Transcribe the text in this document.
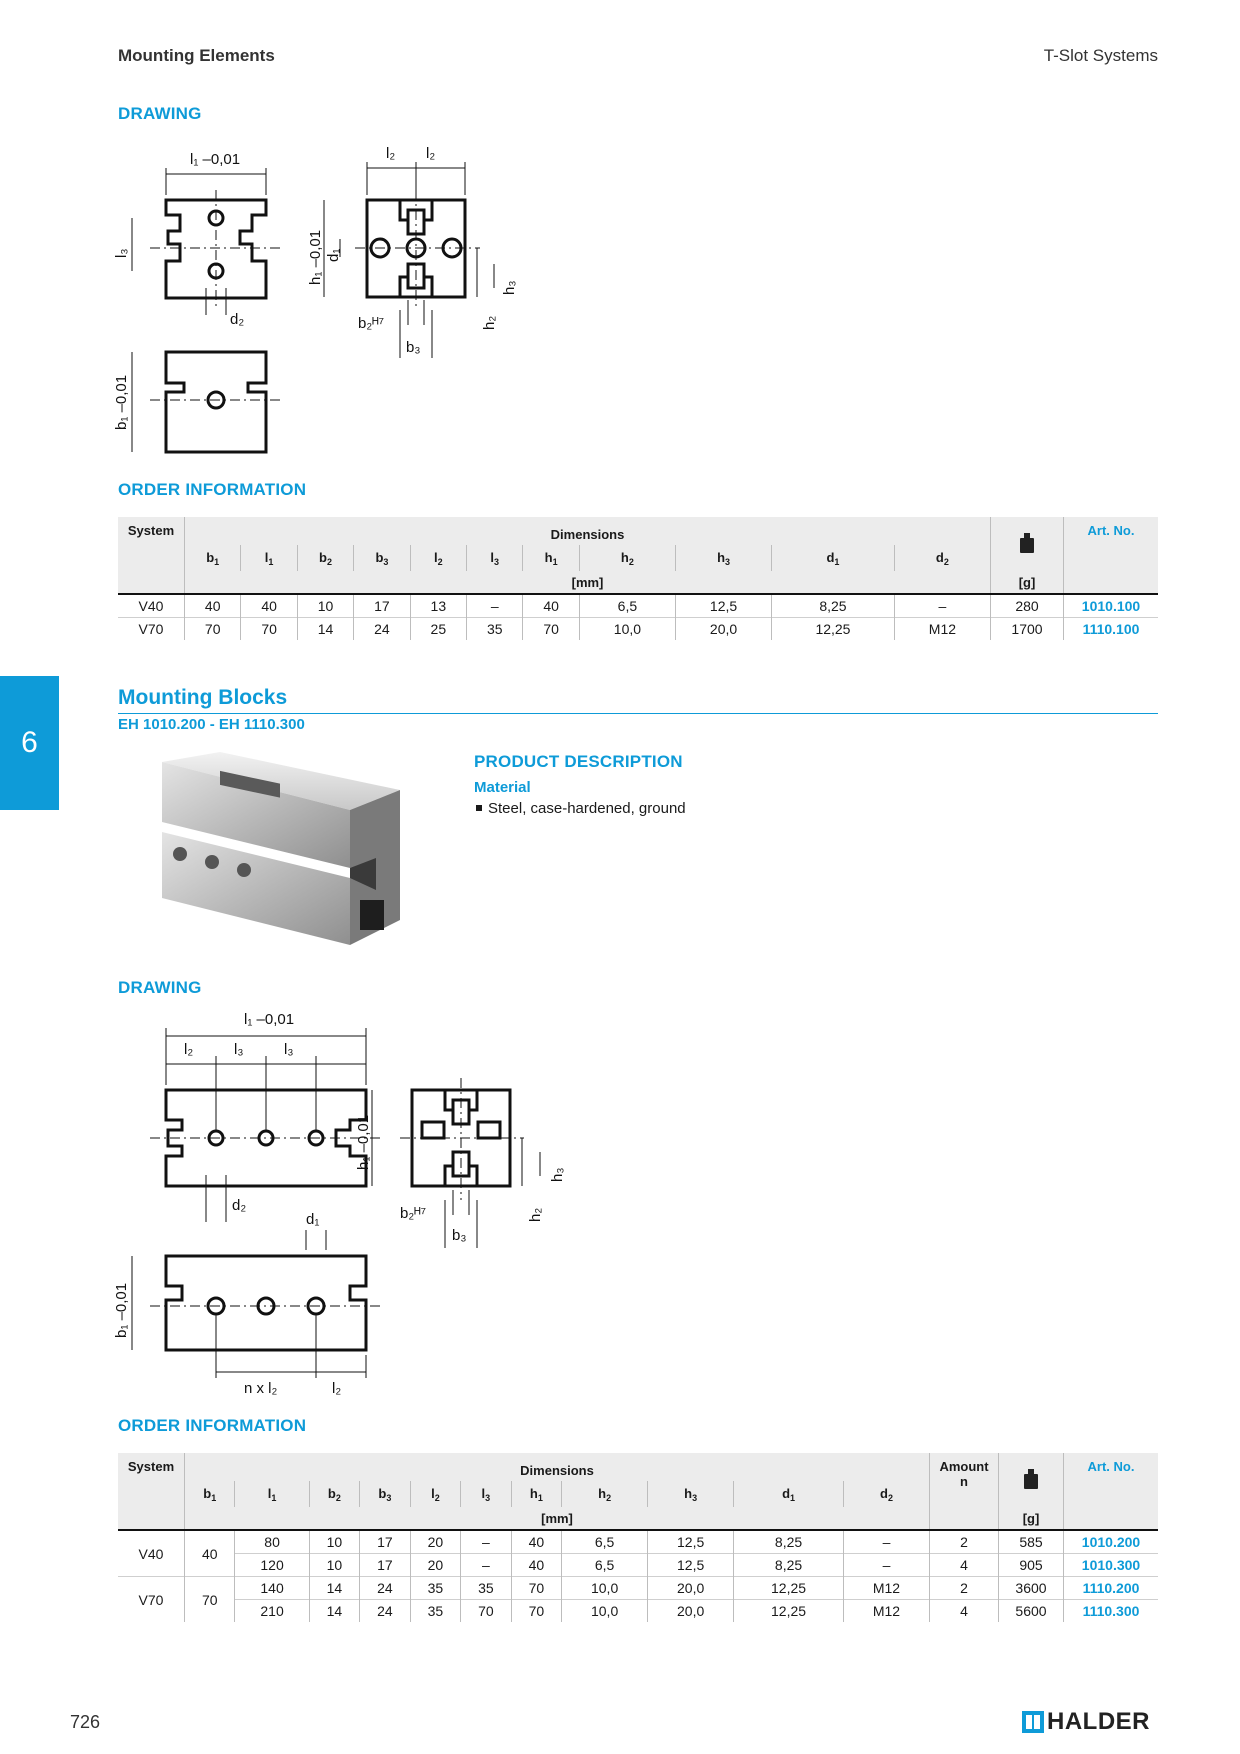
Mounting Elements	T-Slot Systems
DRAWING
l₁ –0,01
l₃
d₂
b₁ –0,01
l₂ l₂
h₁ –0,01 d₁
b₂ᴴ⁷
b₃
h₂
h₃
ORDER INFORMATION
System	Dimensions												Art. No.
	$b_1$	$l_1$	$b_2$	$b_3$	$l_2$	$l_3$	$h_1$	$h_2$	$h_3$	$d_1$	$d_2$
	[mm]											[g]	
V40	40	40	10	17	13	–	40	6,5	12,5	8,25	–	280	1010.100
V70	70	70	14	24	25	35	70	10,0	20,0	12,25	M12	1700	1110.100
6
Mounting Blocks
EH 1010.200 - EH 1110.300
PRODUCT DESCRIPTION
Material
Steel, case-hardened, ground
DRAWING
l₁ –0,01
l₂	l₃	l₃
d₂
d₁
b₁ –0,01
n x l₂	l₂
h₁ –0,01
b₂ᴴ⁷
b₃
h₂
h₃
ORDER INFORMATION
System	Dimensions											Amount
n		Art. No.
	$b_1$	$l_1$	$b_2$	$b_3$	$l_2$	$l_3$	$h_1$	$h_2$	$h_3$	$d_1$	$d_2$
	[mm]												[g]	
V40	40	80	10	17	20	–	40	6,5	12,5	8,25	–	2	585	1010.200
		120	10	17	20	–	40	6,5	12,5	8,25	–	4	905	1010.300
V70	70	140	14	24	35	35	70	10,0	20,0	12,25	M12	2	3600	1110.200
		210	14	24	35	70	70	10,0	20,0	12,25	M12	4	5600	1110.300
726	HALDER
